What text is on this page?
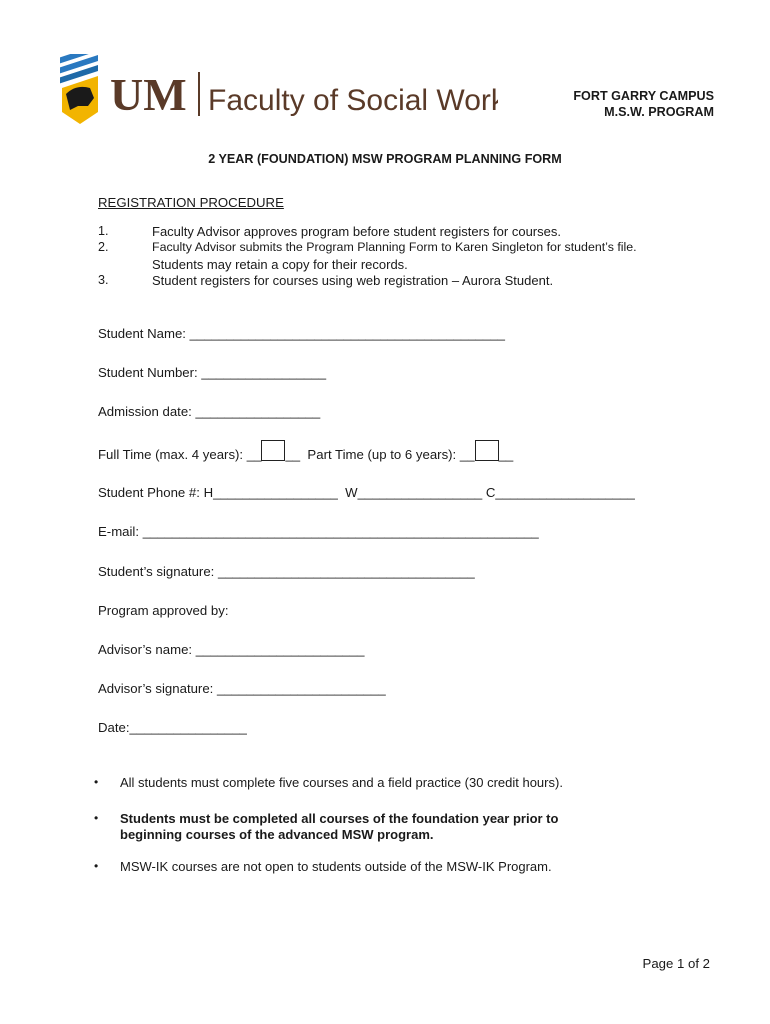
UM Faculty of Social Work	FORT GARRY CAMPUS
M.S.W. PROGRAM
2 YEAR (FOUNDATION) MSW PROGRAM PLANNING FORM
REGISTRATION PROCEDURE
1.	Faculty Advisor approves program before student registers for courses.
2.	Faculty Advisor submits the Program Planning Form to Karen Singleton for student’s file.
Students may retain a copy for their records.
3.	Student registers for courses using web registration – Aurora Student.
Student Name: ___________________________________________
Student Number: _________________
Admission date: _________________
Full Time (max. 4 years): __ __  Part Time (up to 6 years): __ __
Student Phone #: H_________________  W_________________ C___________________
E-mail: ______________________________________________________
Student’s signature: ___________________________________
Program approved by:
Advisor’s name: _______________________
Advisor’s signature: _______________________
Date:________________
• All students must complete five courses and a field practice (30 credit hours).
• Students must be completed all courses of the foundation year prior to
beginning courses of the advanced MSW program.
• MSW-IK courses are not open to students outside of the MSW-IK Program.
Page 1 of 2
